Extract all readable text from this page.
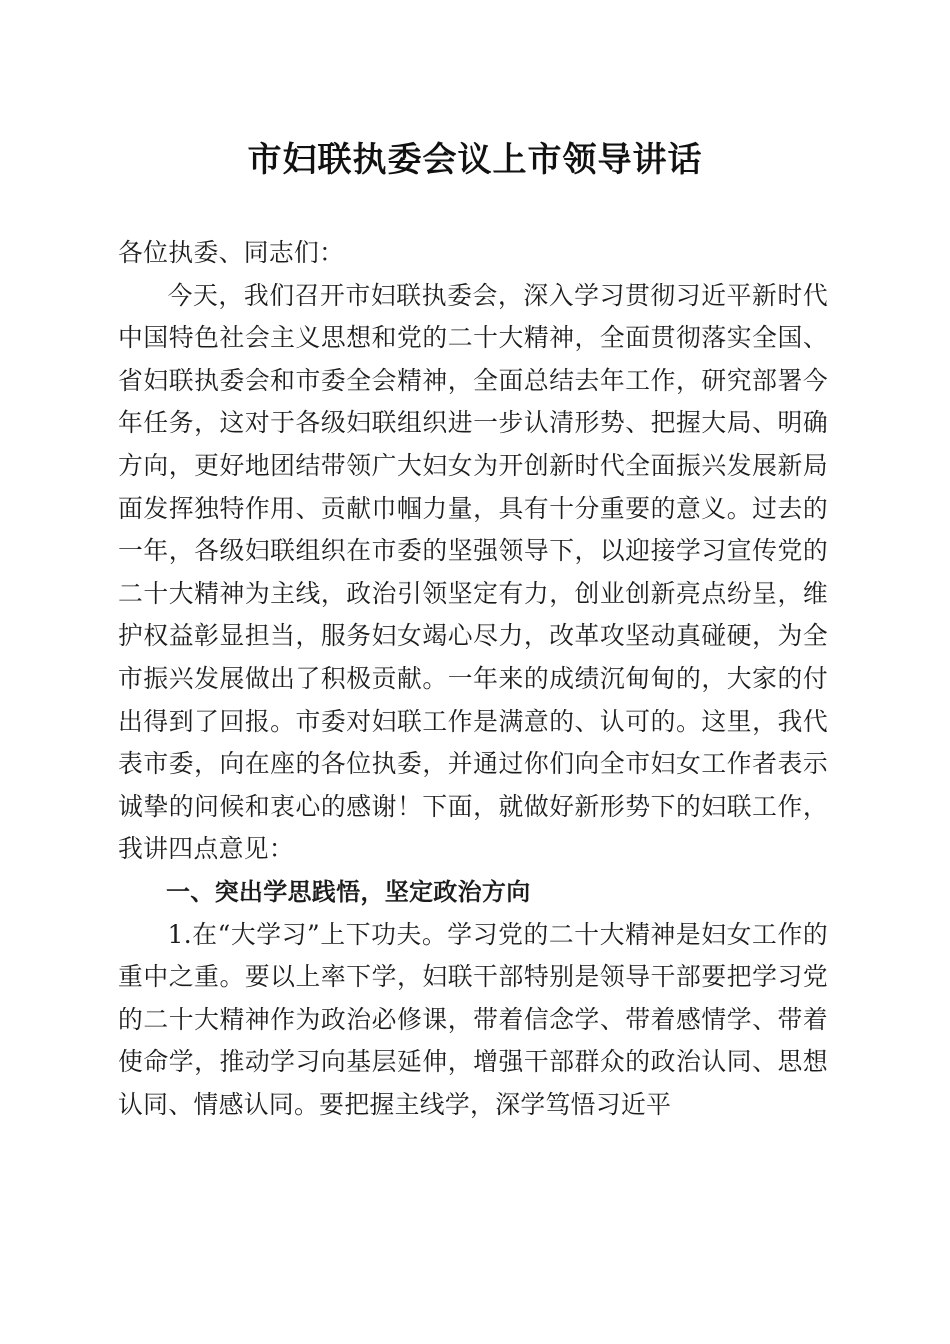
市妇联执委会议上市领导讲话

各位执委、同志们：

今天，我们召开市妇联执委会，深入学习贯彻习近平新时代中国特色社会主义思想和党的二十大精神，全面贯彻落实全国、省妇联执委会和市委全会精神，全面总结去年工作，研究部署今年任务，这对于各级妇联组织进一步认清形势、把握大局、明确方向，更好地团结带领广大妇女为开创新时代全面振兴发展新局面发挥独特作用、贡献巾帼力量，具有十分重要的意义。过去的一年，各级妇联组织在市委的坚强领导下，以迎接学习宣传党的二十大精神为主线，政治引领坚定有力，创业创新亮点纷呈，维护权益彰显担当，服务妇女竭心尽力，改革攻坚动真碰硬，为全市振兴发展做出了积极贡献。一年来的成绩沉甸甸的，大家的付出得到了回报。市委对妇联工作是满意的、认可的。这里，我代表市委，向在座的各位执委，并通过你们向全市妇女工作者表示诚挚的问候和衷心的感谢！下面，就做好新形势下的妇联工作，我讲四点意见：

一、突出学思践悟，坚定政治方向

1.在“大学习”上下功夫。学习党的二十大精神是妇女工作的重中之重。要以上率下学，妇联干部特别是领导干部要把学习党的二十大精神作为政治必修课，带着信念学、带着感情学、带着使命学，推动学习向基层延伸，增强干部群众的政治认同、思想认同、情感认同。要把握主线学，深学笃悟习近平
